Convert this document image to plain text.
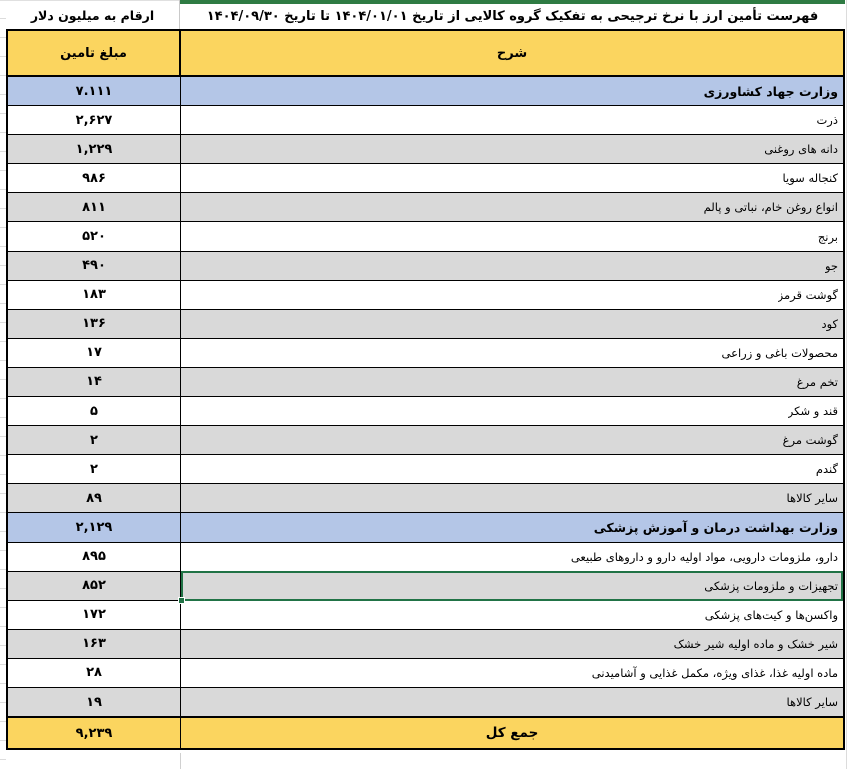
ارقام به میلیون دلار	فهرست تأمین ارز با نرخ ترجیحی به تفکیک گروه کالایی از تاریخ ۱۴۰۴/۰۱/۰۱ تا تاریخ ۱۴۰۴/۰۹/۳۰
مبلغ تامین	شرح
۷.۱۱۱	وزارت جهاد کشاورزی
۲,۶۲۷	ذرت
۱,۲۲۹	دانه های روغنی
۹۸۶	کنجاله سویا
۸۱۱	انواع روغن خام، نباتی و پالم
۵۲۰	برنج
۴۹۰	جو
۱۸۳	گوشت قرمز
۱۳۶	کود
۱۷	محصولات باغی و زراعی
۱۴	تخم مرغ
۵	قند و شکر
۲	گوشت مرغ
۲	گندم
۸۹	سایر کالاها
۲,۱۲۹	وزارت بهداشت درمان و آموزش پزشکی
۸۹۵	دارو، ملزومات دارویی، مواد اولیه دارو و داروهای طبیعی
۸۵۲	تجهیزات و ملزومات پزشکی
۱۷۲	واکسن‌ها و کیت‌های پزشکی
۱۶۳	شیر خشک و ماده اولیه شیر خشک
۲۸	ماده اولیه غذا، غذای ویژه، مکمل غذایی و آشامیدنی
۱۹	سایر کالاها
۹,۲۳۹	جمع کل
